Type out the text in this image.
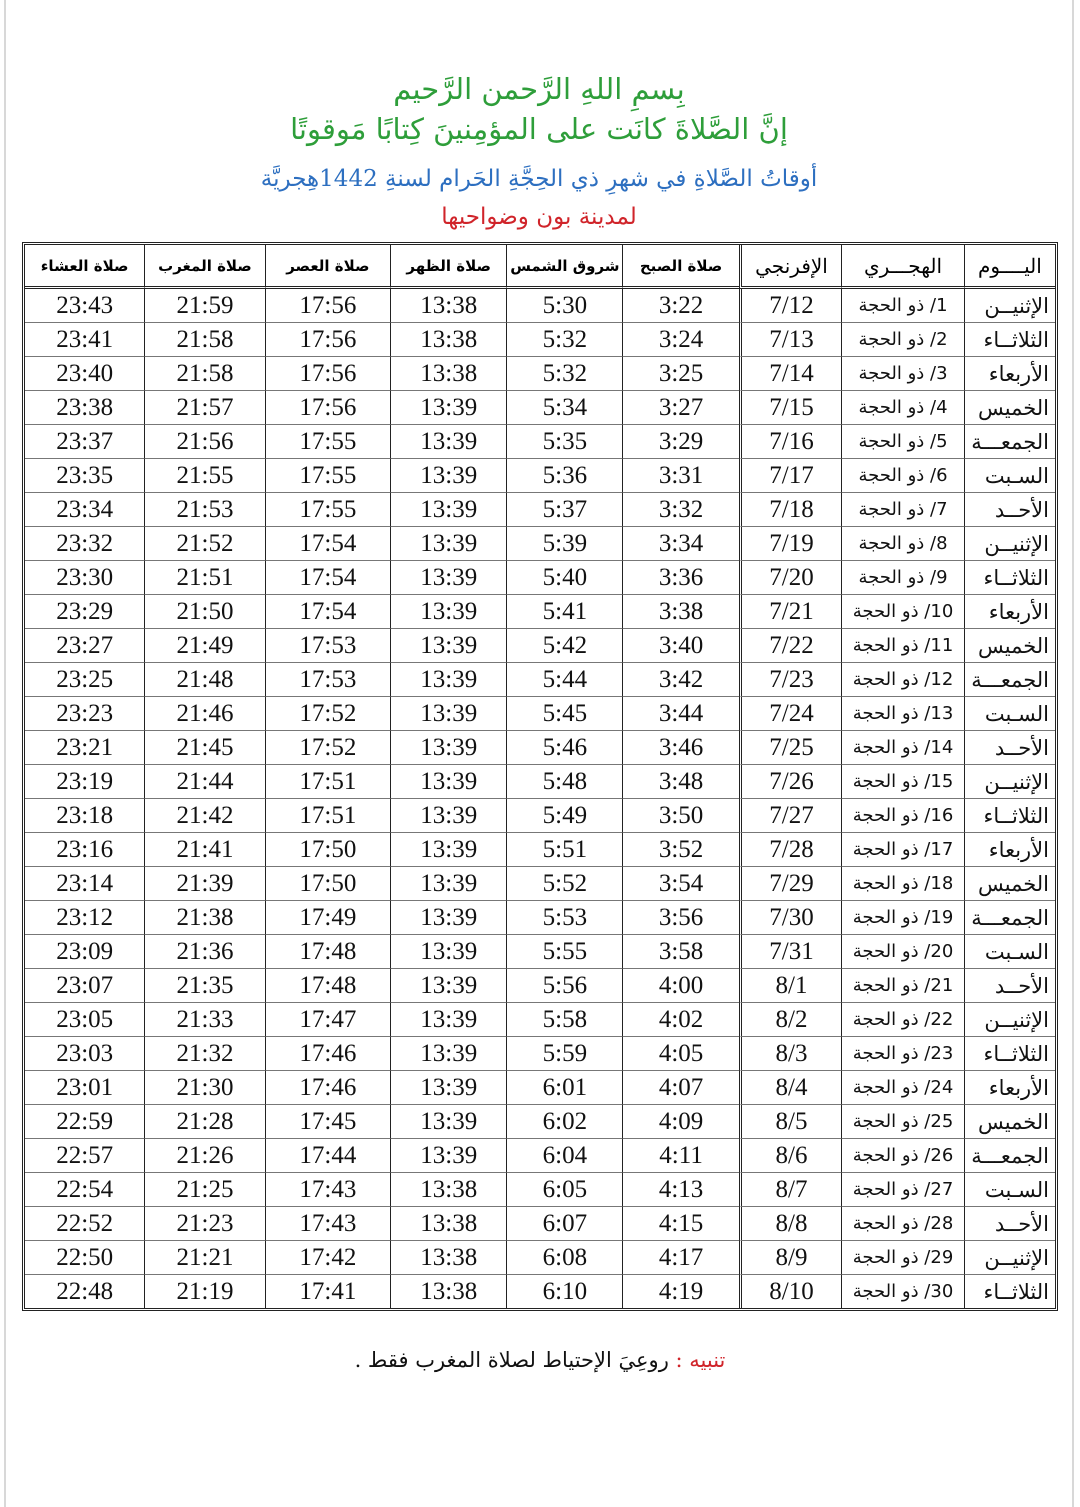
بِسمِ اللهِ الرَّحمن الرَّحيم
إنَّ الصَّلاةَ كانَت على المؤمِنينَ كِتابًا مَوقوتًا
أوقاتُ الصَّلاةِ في شهرِ ذي الحِجَّةِ الحَرام لسنةِ 1442هِجريَّة
لمدينة بون وضواحيها
اليــــوم	الهجـــري	الإفرنجي	صلاة الصبح	شروق الشمس	صلاة الظهر	صلاة العصر	صلاة المغرب	صلاة العشاء
الإثنيــن	1/ ذو الحجة	7/12	3:22	5:30	13:38	17:56	21:59	23:43
الثلاثــاء	2/ ذو الحجة	7/13	3:24	5:32	13:38	17:56	21:58	23:41
الأربعاء	3/ ذو الحجة	7/14	3:25	5:32	13:38	17:56	21:58	23:40
الخميس	4/ ذو الحجة	7/15	3:27	5:34	13:39	17:56	21:57	23:38
الجمعـــة	5/ ذو الحجة	7/16	3:29	5:35	13:39	17:55	21:56	23:37
السـبت	6/ ذو الحجة	7/17	3:31	5:36	13:39	17:55	21:55	23:35
الأحــد	7/ ذو الحجة	7/18	3:32	5:37	13:39	17:55	21:53	23:34
الإثنيــن	8/ ذو الحجة	7/19	3:34	5:39	13:39	17:54	21:52	23:32
الثلاثــاء	9/ ذو الحجة	7/20	3:36	5:40	13:39	17:54	21:51	23:30
الأربعاء	10/ ذو الحجة	7/21	3:38	5:41	13:39	17:54	21:50	23:29
الخميس	11/ ذو الحجة	7/22	3:40	5:42	13:39	17:53	21:49	23:27
الجمعـــة	12/ ذو الحجة	7/23	3:42	5:44	13:39	17:53	21:48	23:25
السـبت	13/ ذو الحجة	7/24	3:44	5:45	13:39	17:52	21:46	23:23
الأحــد	14/ ذو الحجة	7/25	3:46	5:46	13:39	17:52	21:45	23:21
الإثنيــن	15/ ذو الحجة	7/26	3:48	5:48	13:39	17:51	21:44	23:19
الثلاثــاء	16/ ذو الحجة	7/27	3:50	5:49	13:39	17:51	21:42	23:18
الأربعاء	17/ ذو الحجة	7/28	3:52	5:51	13:39	17:50	21:41	23:16
الخميس	18/ ذو الحجة	7/29	3:54	5:52	13:39	17:50	21:39	23:14
الجمعـــة	19/ ذو الحجة	7/30	3:56	5:53	13:39	17:49	21:38	23:12
السـبت	20/ ذو الحجة	7/31	3:58	5:55	13:39	17:48	21:36	23:09
الأحــد	21/ ذو الحجة	8/1	4:00	5:56	13:39	17:48	21:35	23:07
الإثنيــن	22/ ذو الحجة	8/2	4:02	5:58	13:39	17:47	21:33	23:05
الثلاثــاء	23/ ذو الحجة	8/3	4:05	5:59	13:39	17:46	21:32	23:03
الأربعاء	24/ ذو الحجة	8/4	4:07	6:01	13:39	17:46	21:30	23:01
الخميس	25/ ذو الحجة	8/5	4:09	6:02	13:39	17:45	21:28	22:59
الجمعـــة	26/ ذو الحجة	8/6	4:11	6:04	13:39	17:44	21:26	22:57
السـبت	27/ ذو الحجة	8/7	4:13	6:05	13:38	17:43	21:25	22:54
الأحــد	28/ ذو الحجة	8/8	4:15	6:07	13:38	17:43	21:23	22:52
الإثنيــن	29/ ذو الحجة	8/9	4:17	6:08	13:38	17:42	21:21	22:50
الثلاثــاء	30/ ذو الحجة	8/10	4:19	6:10	13:38	17:41	21:19	22:48
تنبيه : روعِيَ الإحتياط لصلاة المغرب فقط .
